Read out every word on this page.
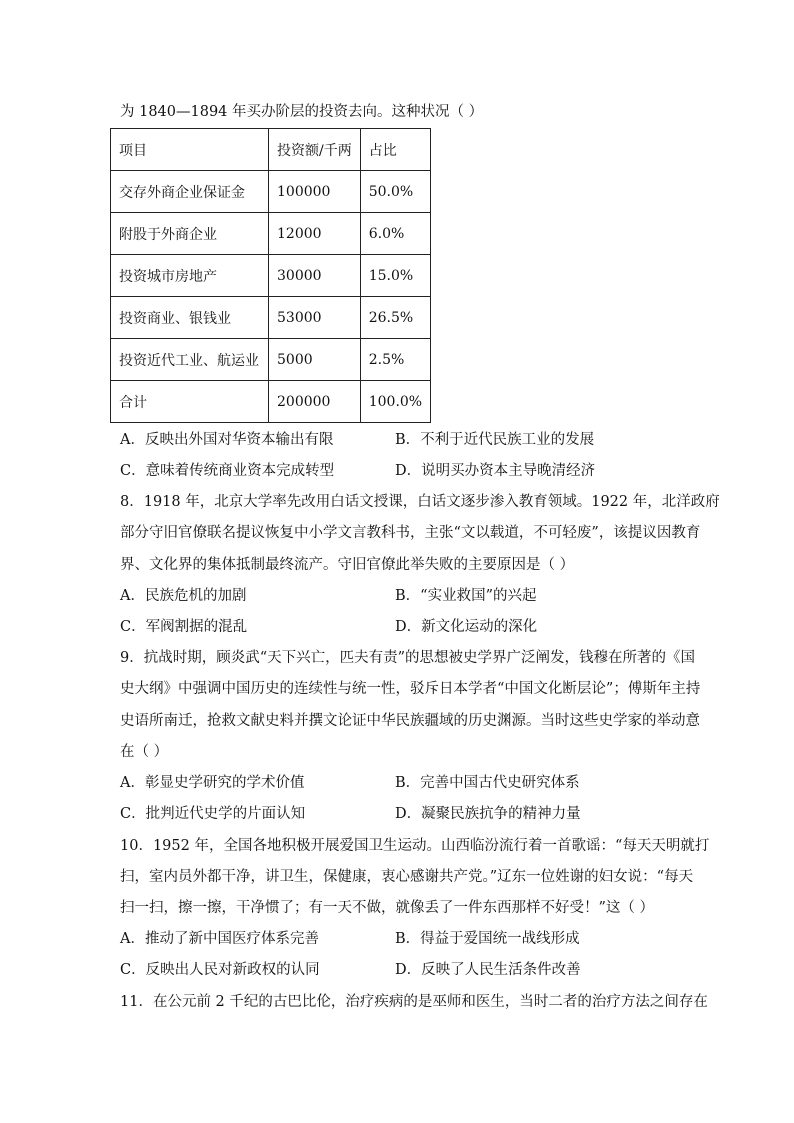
为 1840—1894 年买办阶层的投资去向。这种状况（ ）
项目	投资额/千两	占比
交存外商企业保证金	100000	50.0%
附股于外商企业	12000	6.0%
投资城市房地产	30000	15.0%
投资商业、银钱业	53000	26.5%
投资近代工业、航运业	5000	2.5%
合计	200000	100.0%
A．反映出外国对华资本输出有限	B．不利于近代民族工业的发展
C．意味着传统商业资本完成转型	D．说明买办资本主导晚清经济
8．1918 年，北京大学率先改用白话文授课，白话文逐步渗入教育领域。1922 年，北洋政府
部分守旧官僚联名提议恢复中小学文言教科书，主张“文以载道，不可轻废”，该提议因教育
界、文化界的集体抵制最终流产。守旧官僚此举失败的主要原因是（ ）
A．民族危机的加剧	B．“实业救国”的兴起
C．军阀割据的混乱	D．新文化运动的深化
9．抗战时期，顾炎武“天下兴亡，匹夫有责”的思想被史学界广泛阐发，钱穆在所著的《国
史大纲》中强调中国历史的连续性与统一性，驳斥日本学者“中国文化断层论”；傅斯年主持
史语所南迁，抢救文献史料并撰文论证中华民族疆域的历史渊源。当时这些史学家的举动意
在（ ）
A．彰显史学研究的学术价值	B．完善中国古代史研究体系
C．批判近代史学的片面认知	D．凝聚民族抗争的精神力量
10．1952 年，全国各地积极开展爱国卫生运动。山西临汾流行着一首歌谣：“每天天明就打
扫，室内员外都干净，讲卫生，保健康，衷心感谢共产党。”辽东一位姓谢的妇女说：“每天
扫一扫，擦一擦，干净惯了；有一天不做，就像丢了一件东西那样不好受！”这（ ）
A．推动了新中国医疗体系完善	B．得益于爱国统一战线形成
C．反映出人民对新政权的认同	D．反映了人民生活条件改善
11．在公元前 2 千纪的古巴比伦，治疗疾病的是巫师和医生，当时二者的治疗方法之间存在
